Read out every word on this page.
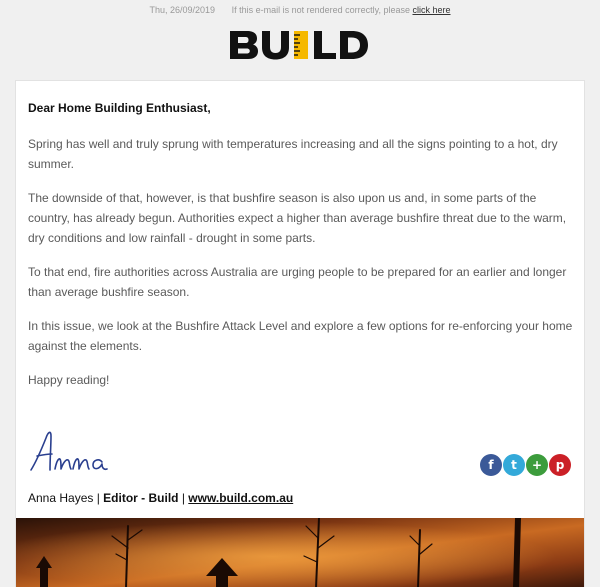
Thu, 26/09/2019 If this e-mail is not rendered correctly, please click here
Dear Home Building Enthusiast,

Spring has well and truly sprung with temperatures increasing and all the signs pointing to a hot, dry summer.

The downside of that, however, is that bushfire season is also upon us and, in some parts of the country, has already begun. Authorities expect a higher than average bushfire threat due to the warm, dry conditions and low rainfall - drought in some parts.

To that end, fire authorities across Australia are urging people to be prepared for an earlier and longer than average bushfire season.

In this issue, we look at the Bushfire Attack Level and explore a few options for re-enforcing your home against the elements.

Happy reading!

f t + p
Anna Hayes | Editor - Build | www.build.com.au
